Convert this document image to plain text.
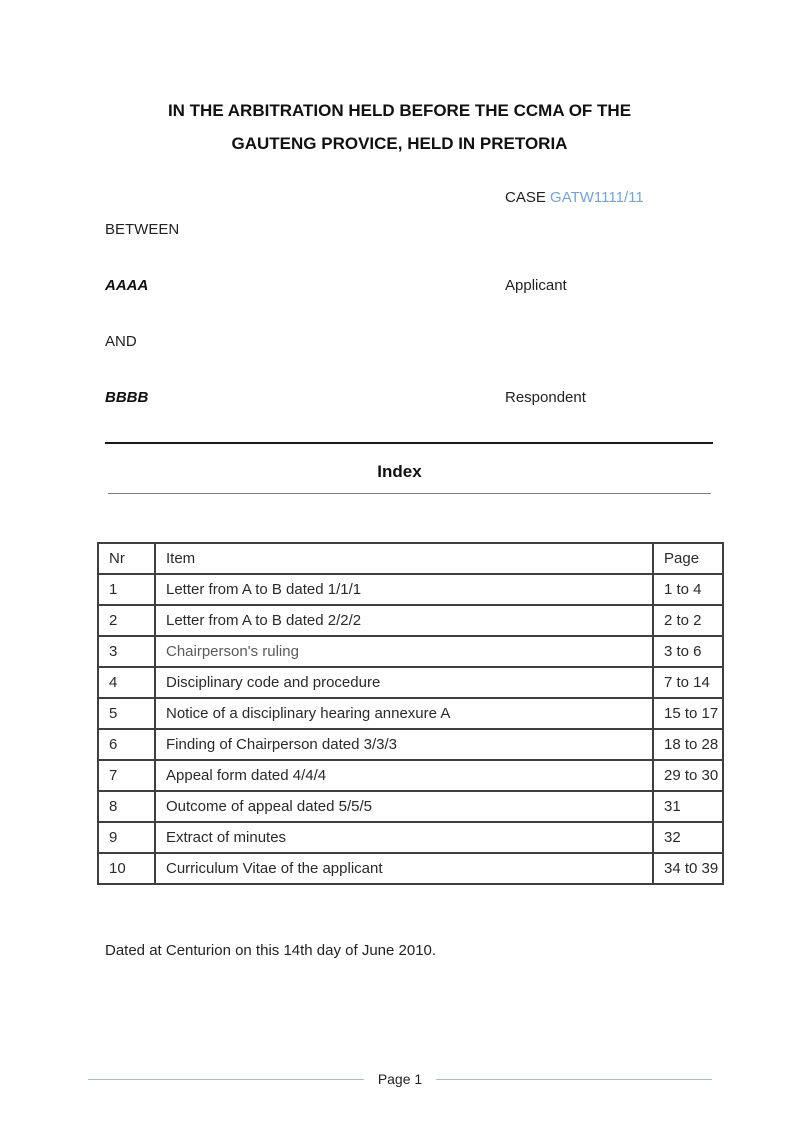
IN THE ARBITRATION HELD BEFORE THE CCMA OF THE
GAUTENG PROVICE, HELD IN PRETORIA
CASE GATW1111/11
BETWEEN
AAAA	Applicant
AND
BBBB	Respondent
Index
Nr	Item	Page
1	Letter from A to B dated 1/1/1	1 to 4
2	Letter from A to B dated 2/2/2	2 to 2
3	Chairperson's ruling	3 to 6
4	Disciplinary code and procedure	7 to 14
5	Notice of a disciplinary hearing annexure A	15 to 17
6	Finding of Chairperson dated 3/3/3	18 to 28
7	Appeal form dated 4/4/4	29 to 30
8	Outcome of appeal dated 5/5/5	31
9	Extract of minutes	32
10	Curriculum Vitae of the applicant	34 t0 39
Dated at Centurion on this 14th day of June 2010.
Page 1
